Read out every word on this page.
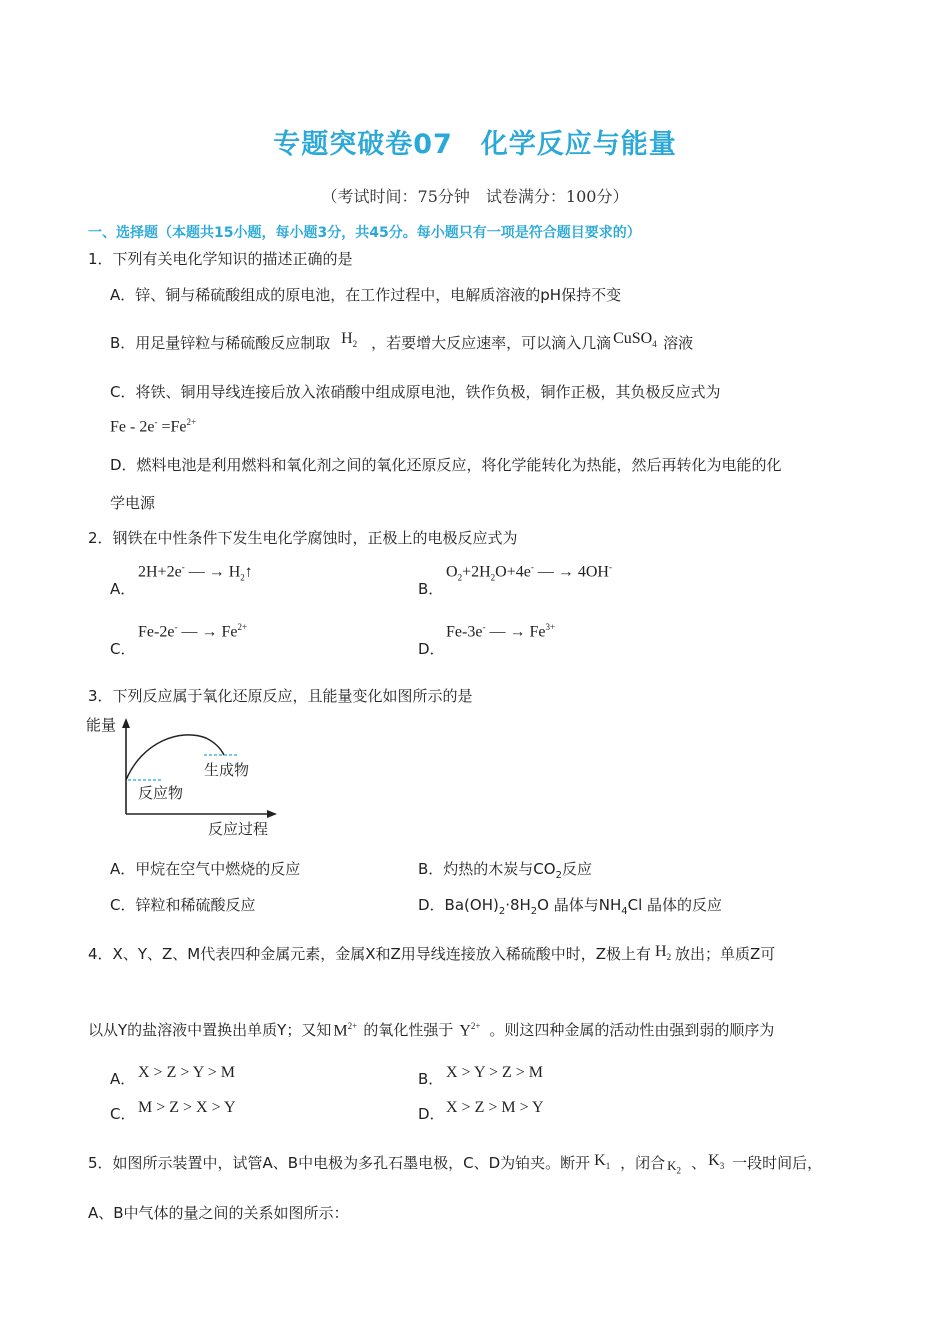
专题突破卷07　化学反应与能量
（考试时间：75分钟　试卷满分：100分）
一、选择题（本题共15小题，每小题3分，共45分。每小题只有一项是符合题目要求的）
1．下列有关电化学知识的描述正确的是
A．锌、铜与稀硫酸组成的原电池，在工作过程中，电解质溶液的pH保持不变
B．用足量锌粒与稀硫酸反应制取 $H_2$ ，若要增大反应速率，可以滴入几滴 CuSO$_4$ 溶液
C．将铁、铜用导线连接后放入浓硝酸中组成原电池，铁作负极，铜作正极，其负极反应式为
$Fe - 2e^- =Fe^{2+}$
D．燃料电池是利用燃料和氧化剂之间的氧化还原反应，将化学能转化为热能，然后再转化为电能的化
学电源
2．钢铁在中性条件下发生电化学腐蚀时，正极上的电极反应式为
A．
2H+2e- — → $H_2↑$
B．
$O_2+2H_2O+4e^-$ — → 4OH-
C．
Fe-2e- — → $Fe^{2+}$
D．
Fe-3e- — → $Fe^{3+}$
3．下列反应属于氧化还原反应，且能量变化如图所示的是
能量
生成物
反应物
反应过程
A．甲烷在空气中燃烧的反应	B．灼热的木炭与$CO_2$反应
C．锌粒和稀硫酸反应	D．$Ba(OH)_2\cdot 8H_2O$ 晶体与$NH_4Cl$ 晶体的反应
4．X、Y、Z、M代表四种金属元素，金属X和Z用导线连接放入稀硫酸中时，Z极上有 $H_2$ 放出；单质Z可
以从Y的盐溶液中置换出单质Y；又知 $M^{2+}$ 的氧化性强于 $Y^{2+}$ 。则这四种金属的活动性由强到弱的顺序为
A． X > Z > Y > M	B． X > Y > Z > M
C． M > Z > X > Y	D． X > Z > M > Y
5．如图所示装置中，试管A、B中电极为多孔石墨电极，C、D为铂夹。断开 $K_1$ ，闭合 $K_2$ 、 $K_3$ 一段时间后，
A、B中气体的量之间的关系如图所示：
